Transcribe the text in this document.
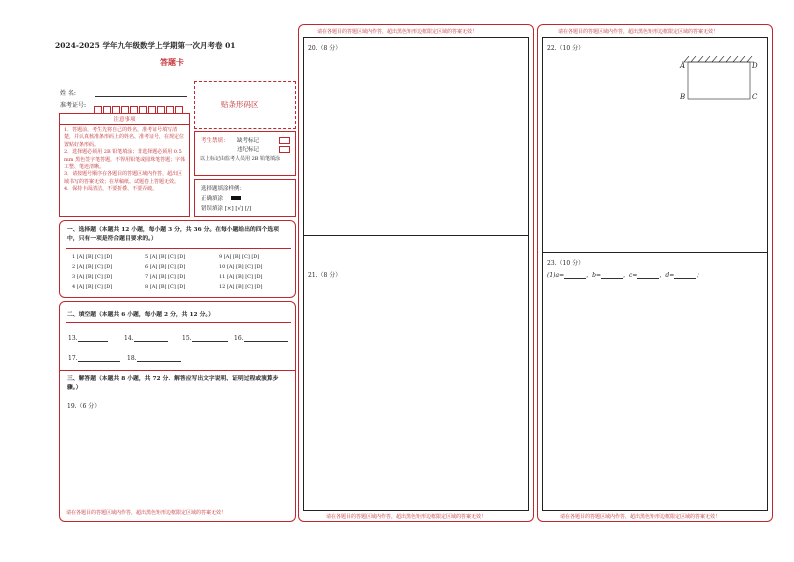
2024-2025 学年九年级数学上学期第一次月考卷 01
答题卡
姓 名:
准考证号:	贴条形码区
注意事项
1．答题前，考生先将自己的姓名，准考证号填写清楚，并认真核准条形码上的姓名、准考证号，在规定位置贴好条形码。
2．选择题必须用 2B 铅笔填涂；非选择题必须用 0.5 mm 黑色签字笔答题，不得用铅笔或圆珠笔答题；字体工整、笔迹清晰。
3．请按题号顺序在各题目的答题区域内作答，超出区域书写的答案无效；在草稿纸、试题卷上答题无效。
4．保持卡面清洁，不要折叠、不要弄破。
考生禁填： 缺考标记
违纪标记
以上标记由监考人员用 2B 铅笔填涂
选择题填涂样例：
正确填涂
错误填涂 [×] [√] [/]
一、选择题（本题共 12 小题，每小题 3 分，共 36 分。在每小题给出的四个选项中，只有一项是符合题目要求的。）
1 [A] [B] [C] [D]	5 [A] [B] [C] [D]	9 [A] [B] [C] [D]
2 [A] [B] [C] [D]	6 [A] [B] [C] [D]	10 [A] [B] [C] [D]
3 [A] [B] [C] [D]	7 [A] [B] [C] [D]	11 [A] [B] [C] [D]
4 [A] [B] [C] [D]	8 [A] [B] [C] [D]	12 [A] [B] [C] [D]
二、填空题（本题共 6 小题，每小题 2 分，共 12 分。）
13.	14.	15.	16.
17.	18.
三、解答题（本题共 8 小题，共 72 分．解答应写出文字说明、证明过程或演算步骤。）
19.（6 分）
请在各题目的答题区域内作答，超出黑色矩形边框限定区域的答案无效！
请在各题目的答题区域内作答，超出黑色矩形边框限定区域的答案无效！
20.（8 分）
21.（8 分）
请在各题目的答题区域内作答，超出黑色矩形边框限定区域的答案无效！
请在各题目的答题区域内作答，超出黑色矩形边框限定区域的答案无效！
22.（10 分）
A	D
B	C
23.（10 分）
(1)a=	，b=	，c=	，d=	；
请在各题目的答题区域内作答，超出黑色矩形边框限定区域的答案无效！
